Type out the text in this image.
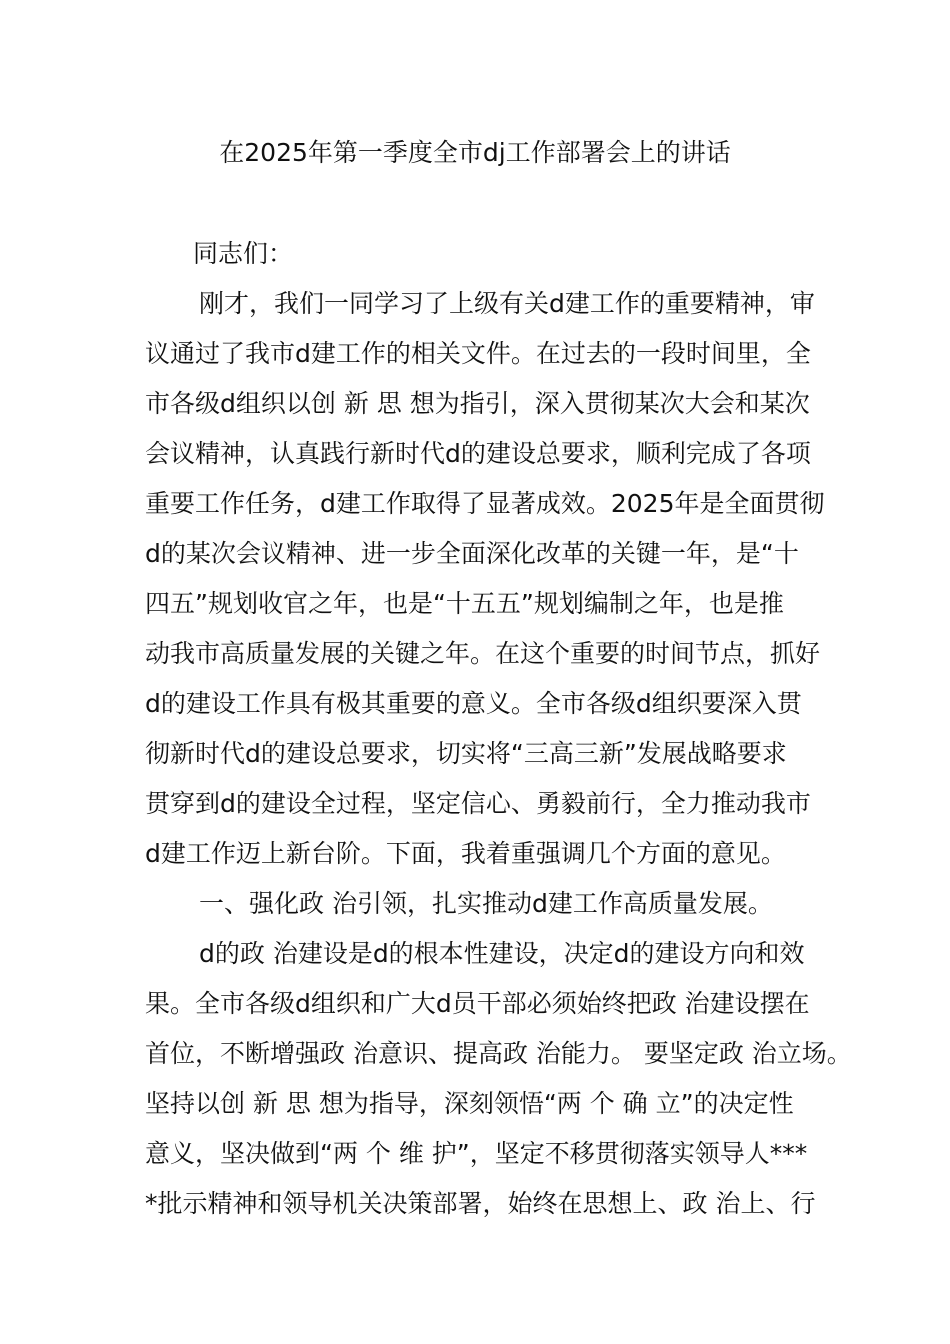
在2025年第一季度全市dj工作部署会上的讲话
同志们：
刚才，我们一同学习了上级有关d建工作的重要精神，审
议通过了我市d建工作的相关文件。在过去的一段时间里，全
市各级d组织以创 新 思 想为指引，深入贯彻某次大会和某次
会议精神，认真践行新时代d的建设总要求，顺利完成了各项
重要工作任务，d建工作取得了显著成效。2025年是全面贯彻
d的某次会议精神、进一步全面深化改革的关键一年，是“十
四五”规划收官之年，也是“十五五”规划编制之年，也是推
动我市高质量发展的关键之年。在这个重要的时间节点，抓好
d的建设工作具有极其重要的意义。全市各级d组织要深入贯
彻新时代d的建设总要求，切实将“三高三新”发展战略要求
贯穿到d的建设全过程，坚定信心、勇毅前行，全力推动我市
d建工作迈上新台阶。下面，我着重强调几个方面的意见。
一、强化政 治引领，扎实推动d建工作高质量发展。
d的政 治建设是d的根本性建设，决定d的建设方向和效
果。全市各级d组织和广大d员干部必须始终把政 治建设摆在
首位，不断增强政 治意识、提高政 治能力。 要坚定政 治立场。
坚持以创 新 思 想为指导，深刻领悟“两 个 确 立”的决定性
意义，坚决做到“两 个 维 护”，坚定不移贯彻落实领导人***
*批示精神和领导机关决策部署，始终在思想上、政 治上、行
